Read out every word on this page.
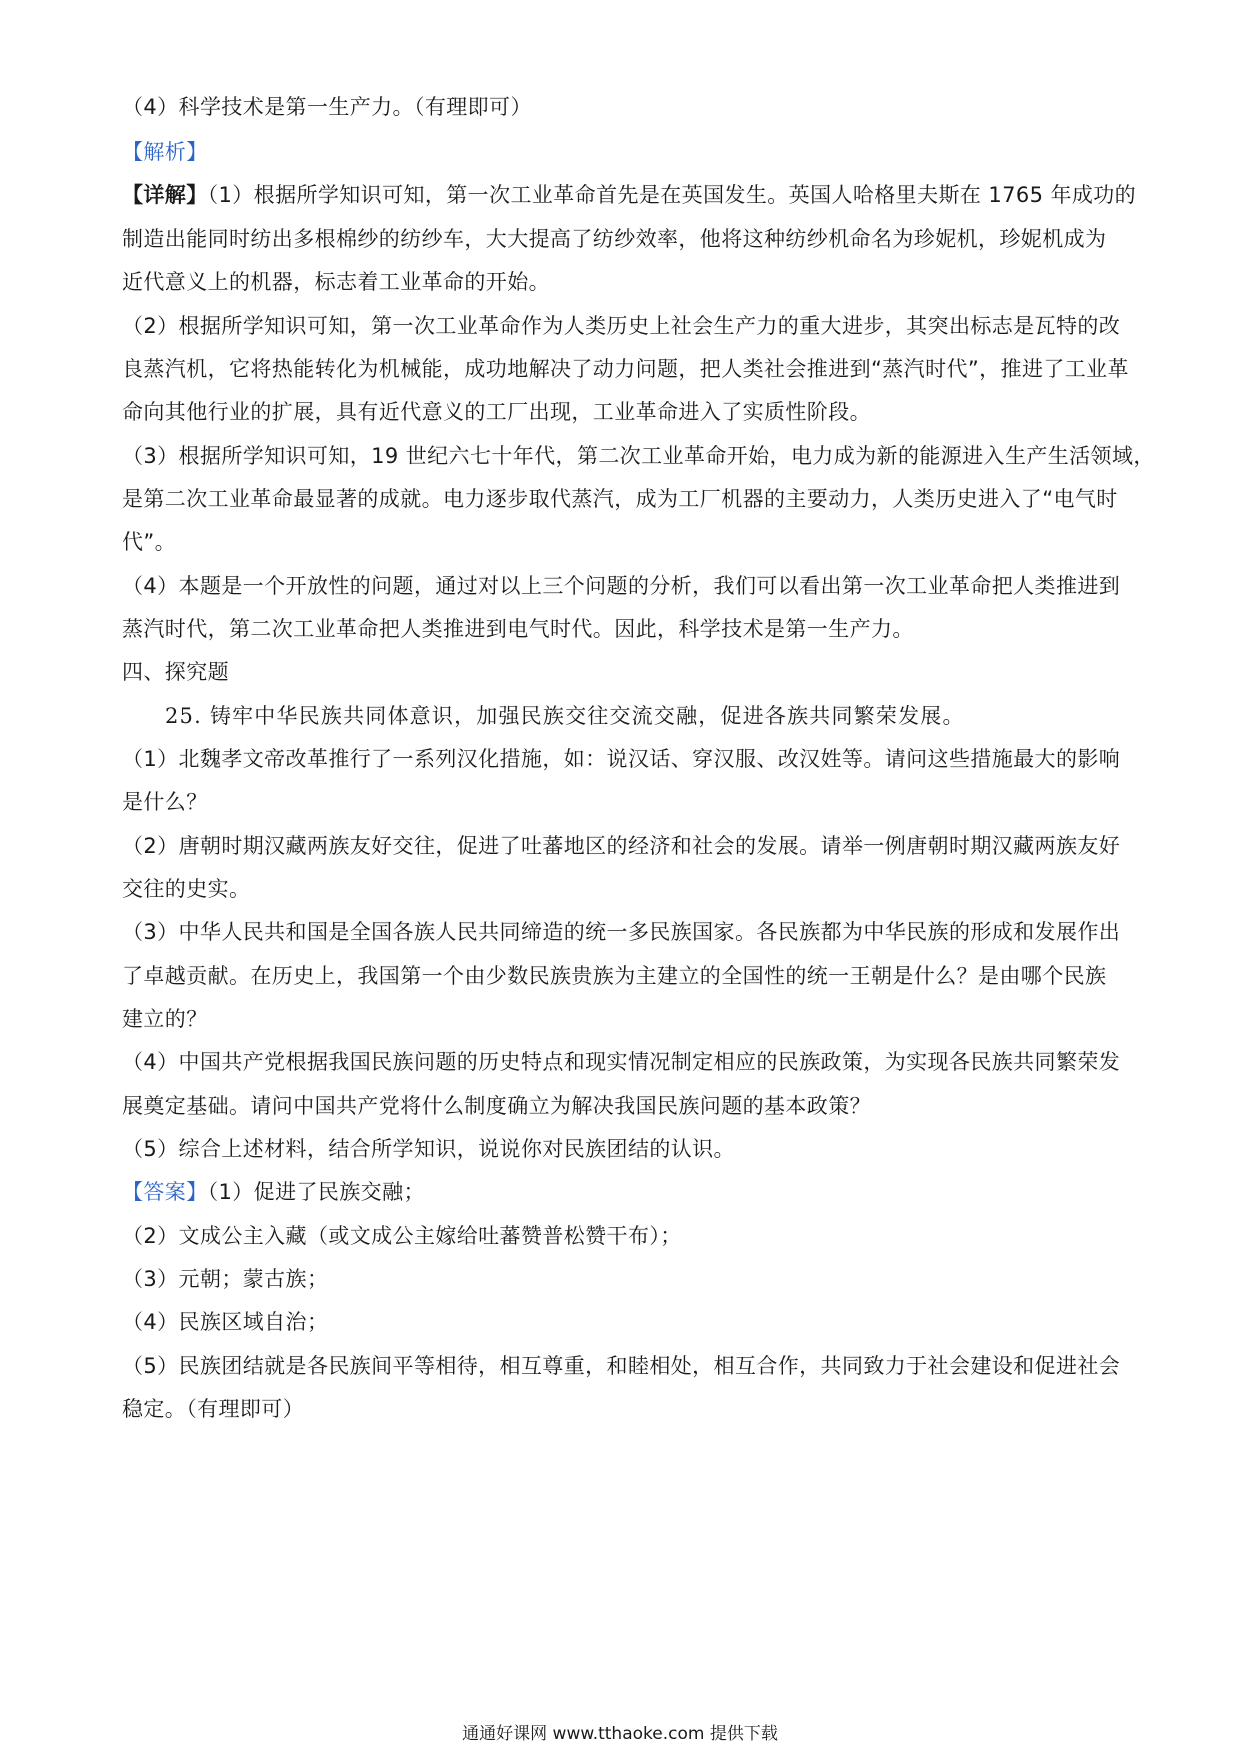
（4）科学技术是第一生产力。（有理即可）
【解析】
【详解】（1）根据所学知识可知，第一次工业革命首先是在英国发生。英国人哈格里夫斯在 1765 年成功的
制造出能同时纺出多根棉纱的纺纱车，大大提高了纺纱效率，他将这种纺纱机命名为珍妮机，珍妮机成为
近代意义上的机器，标志着工业革命的开始。
（2）根据所学知识可知，第一次工业革命作为人类历史上社会生产力的重大进步，其突出标志是瓦特的改
良蒸汽机，它将热能转化为机械能，成功地解决了动力问题，把人类社会推进到“蒸汽时代”，推进了工业革
命向其他行业的扩展，具有近代意义的工厂出现，工业革命进入了实质性阶段。
（3）根据所学知识可知，19 世纪六七十年代，第二次工业革命开始，电力成为新的能源进入生产生活领域，
是第二次工业革命最显著的成就。电力逐步取代蒸汽，成为工厂机器的主要动力，人类历史进入了“电气时
代”。
（4）本题是一个开放性的问题，通过对以上三个问题的分析，我们可以看出第一次工业革命把人类推进到
蒸汽时代，第二次工业革命把人类推进到电气时代。因此，科学技术是第一生产力。
四、探究题
25. 铸牢中华民族共同体意识，加强民族交往交流交融，促进各族共同繁荣发展。
（1）北魏孝文帝改革推行了一系列汉化措施，如：说汉话、穿汉服、改汉姓等。请问这些措施最大的影响
是什么？
（2）唐朝时期汉藏两族友好交往，促进了吐蕃地区的经济和社会的发展。请举一例唐朝时期汉藏两族友好
交往的史实。
（3）中华人民共和国是全国各族人民共同缔造的统一多民族国家。各民族都为中华民族的形成和发展作出
了卓越贡献。在历史上，我国第一个由少数民族贵族为主建立的全国性的统一王朝是什么？是由哪个民族
建立的？
（4）中国共产党根据我国民族问题的历史特点和现实情况制定相应的民族政策，为实现各民族共同繁荣发
展奠定基础。请问中国共产党将什么制度确立为解决我国民族问题的基本政策？
（5）综合上述材料，结合所学知识，说说你对民族团结的认识。
【答案】（1）促进了民族交融；
（2）文成公主入藏（或文成公主嫁给吐蕃赞普松赞干布）；
（3）元朝；蒙古族；
（4）民族区域自治；
（5）民族团结就是各民族间平等相待，相互尊重，和睦相处，相互合作，共同致力于社会建设和促进社会
稳定。（有理即可）
通通好课网 www.tthaoke.com 提供下载
